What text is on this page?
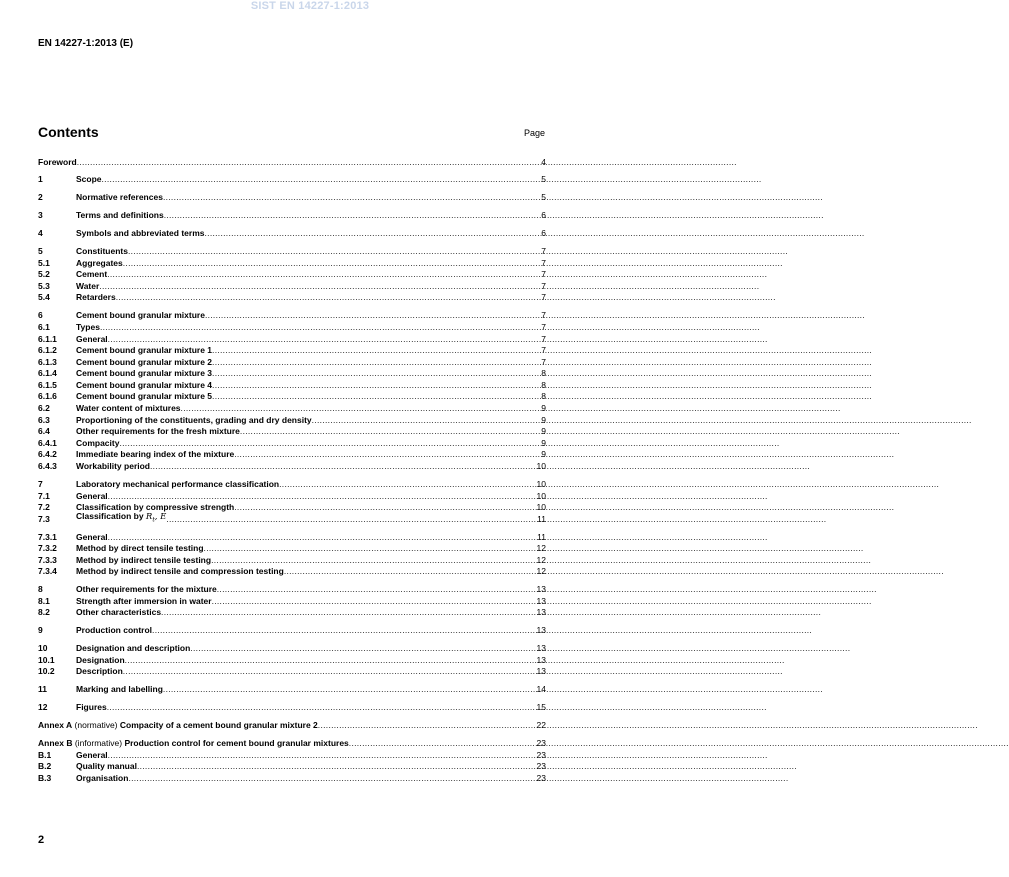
SIST EN 14227-1:2013
EN 14227-1:2013 (E)
Contents	Page
Foreword .....	4
1	Scope .....	5
2	Normative references .....	5
3	Terms and definitions .....	6
4	Symbols and abbreviated terms .....	6
5	Constituents .....	7
5.1	Aggregates .....	7
5.2	Cement .....	7
5.3	Water .....	7
5.4	Retarders .....	7
6	Cement bound granular mixture .....	7
6.1	Types .....	7
6.1.1	General .....	7
6.1.2	Cement bound granular mixture 1 .....	7
6.1.3	Cement bound granular mixture 2 .....	7
6.1.4	Cement bound granular mixture 3 .....	8
6.1.5	Cement bound granular mixture 4 .....	8
6.1.6	Cement bound granular mixture 5 .....	8
6.2	Water content of mixtures .....	9
6.3	Proportioning of the constituents, grading and dry density .....	9
6.4	Other requirements for the fresh mixture .....	9
6.4.1	Compacity .....	9
6.4.2	Immediate bearing index of the mixture .....	9
6.4.3	Workability period .....	10
7	Laboratory mechanical performance classification .....	10
7.1	General .....	10
7.2	Classification by compressive strength .....	10
7.3	Classification by $R_t$, E .....	11
7.3.1	General .....	11
7.3.2	Method by direct tensile testing .....	12
7.3.3	Method by indirect tensile testing .....	12
7.3.4	Method by indirect tensile and compression testing .....	12
8	Other requirements for the mixture .....	13
8.1	Strength after immersion in water .....	13
8.2	Other characteristics .....	13
9	Production control .....	13
10	Designation and description .....	13
10.1	Designation .....	13
10.2	Description .....	13
11	Marking and labelling .....	14
12	Figures .....	15
Annex A (normative) Compacity of a cement bound granular mixture 2 .....	22
Annex B (informative) Production control for cement bound granular mixtures .....	23
B.1	General .....	23
B.2	Quality manual .....	23
B.3	Organisation .....	23
2
